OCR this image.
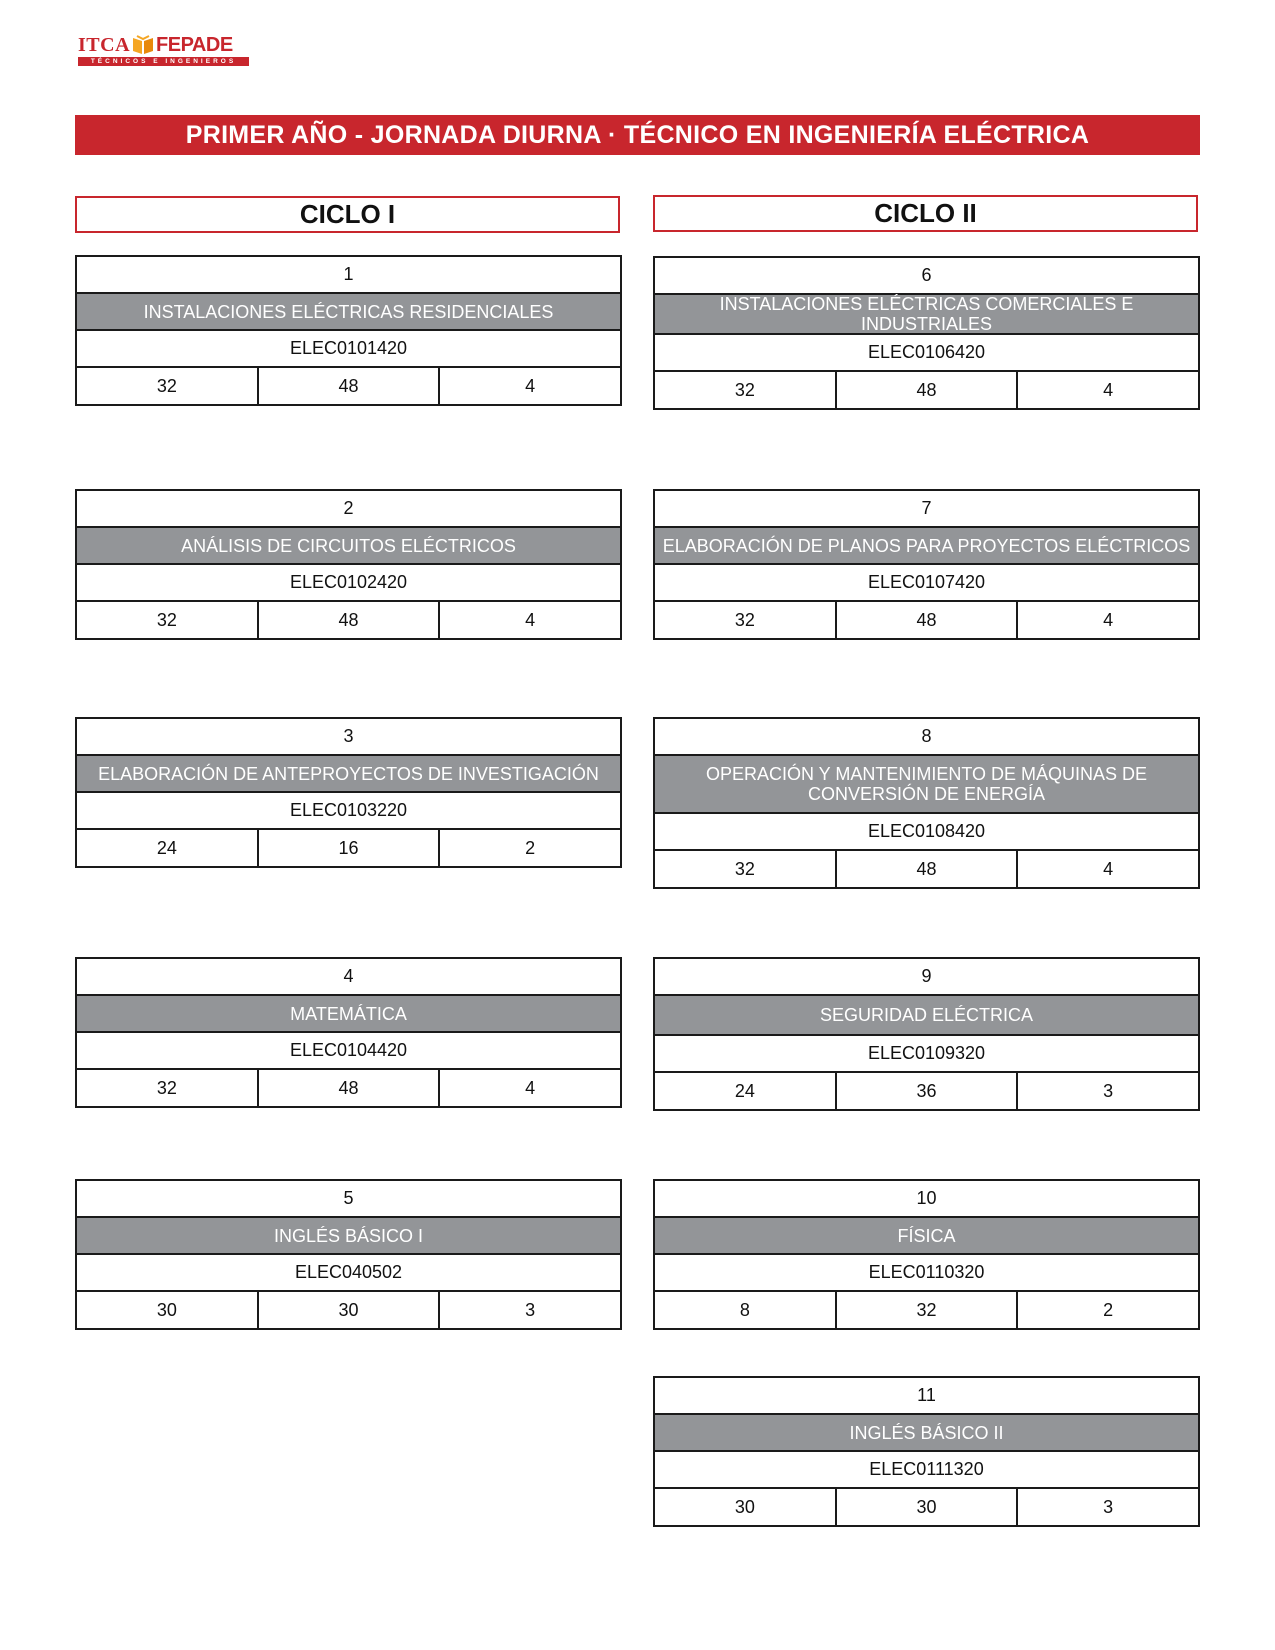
ITCA FEPADE
TÉCNICOS E INGENIEROS
PRIMER AÑO - JORNADA DIURNA · TÉCNICO EN INGENIERÍA ELÉCTRICA
CICLO I	CICLO II
1
INSTALACIONES ELÉCTRICAS RESIDENCIALES
ELEC0101420
32	48	4
2
ANÁLISIS DE CIRCUITOS ELÉCTRICOS
ELEC0102420
32	48	4
3
ELABORACIÓN DE ANTEPROYECTOS DE INVESTIGACIÓN
ELEC0103220
24	16	2
4
MATEMÁTICA
ELEC0104420
32	48	4
5
INGLÉS BÁSICO I
ELEC040502
30	30	3
6
INSTALACIONES ELÉCTRICAS COMERCIALES E INDUSTRIALES
ELEC0106420
32	48	4
7
ELABORACIÓN DE PLANOS PARA PROYECTOS ELÉCTRICOS
ELEC0107420
32	48	4
8
OPERACIÓN Y MANTENIMIENTO DE MÁQUINAS DE CONVERSIÓN DE ENERGÍA
ELEC0108420
32	48	4
9
SEGURIDAD ELÉCTRICA
ELEC0109320
24	36	3
10
FÍSICA
ELEC0110320
8	32	2
11
INGLÉS BÁSICO II
ELEC0111320
30	30	3
